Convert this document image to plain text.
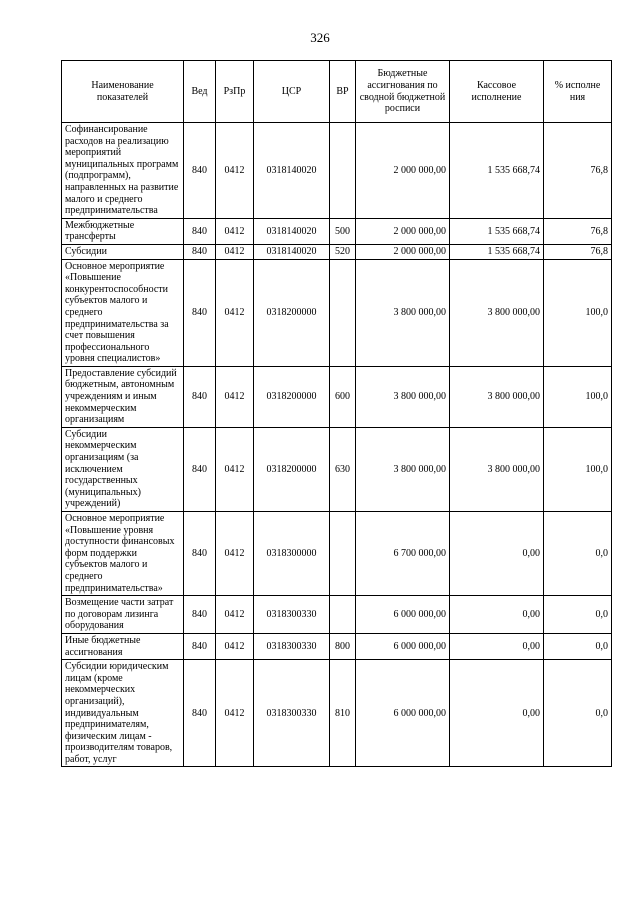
326
Наименование показателей	Вед	РзПр	ЦСР	ВР	Бюджетные ассигнования по сводной бюджетной росписи	Кассовое исполнение	% исполне ния
Софинансирование расходов на реализацию мероприятий муниципальных программ (подпрограмм), направленных на развитие малого и среднего предпринимательства	840	0412	0318140020		2 000 000,00	1 535 668,74	76,8
Межбюджетные трансферты	840	0412	0318140020	500	2 000 000,00	1 535 668,74	76,8
Субсидии	840	0412	0318140020	520	2 000 000,00	1 535 668,74	76,8
Основное мероприятие «Повышение конкурентоспособности субъектов малого и среднего предпринимательства за счет повышения профессионального уровня специалистов»	840	0412	0318200000		3 800 000,00	3 800 000,00	100,0
Предоставление субсидий бюджетным, автономным учреждениям и иным некоммерческим организациям	840	0412	0318200000	600	3 800 000,00	3 800 000,00	100,0
Субсидии некоммерческим организациям (за исключением государственных (муниципальных) учреждений)	840	0412	0318200000	630	3 800 000,00	3 800 000,00	100,0
Основное мероприятие «Повышение уровня доступности финансовых форм поддержки субъектов малого и среднего предпринимательства»	840	0412	0318300000		6 700 000,00	0,00	0,0
Возмещение части затрат по договорам лизинга оборудования	840	0412	0318300330		6 000 000,00	0,00	0,0
Иные бюджетные ассигнования	840	0412	0318300330	800	6 000 000,00	0,00	0,0
Субсидии юридическим лицам (кроме некоммерческих организаций), индивидуальным предпринимателям, физическим лицам - производителям товаров, работ, услуг	840	0412	0318300330	810	6 000 000,00	0,00	0,0
